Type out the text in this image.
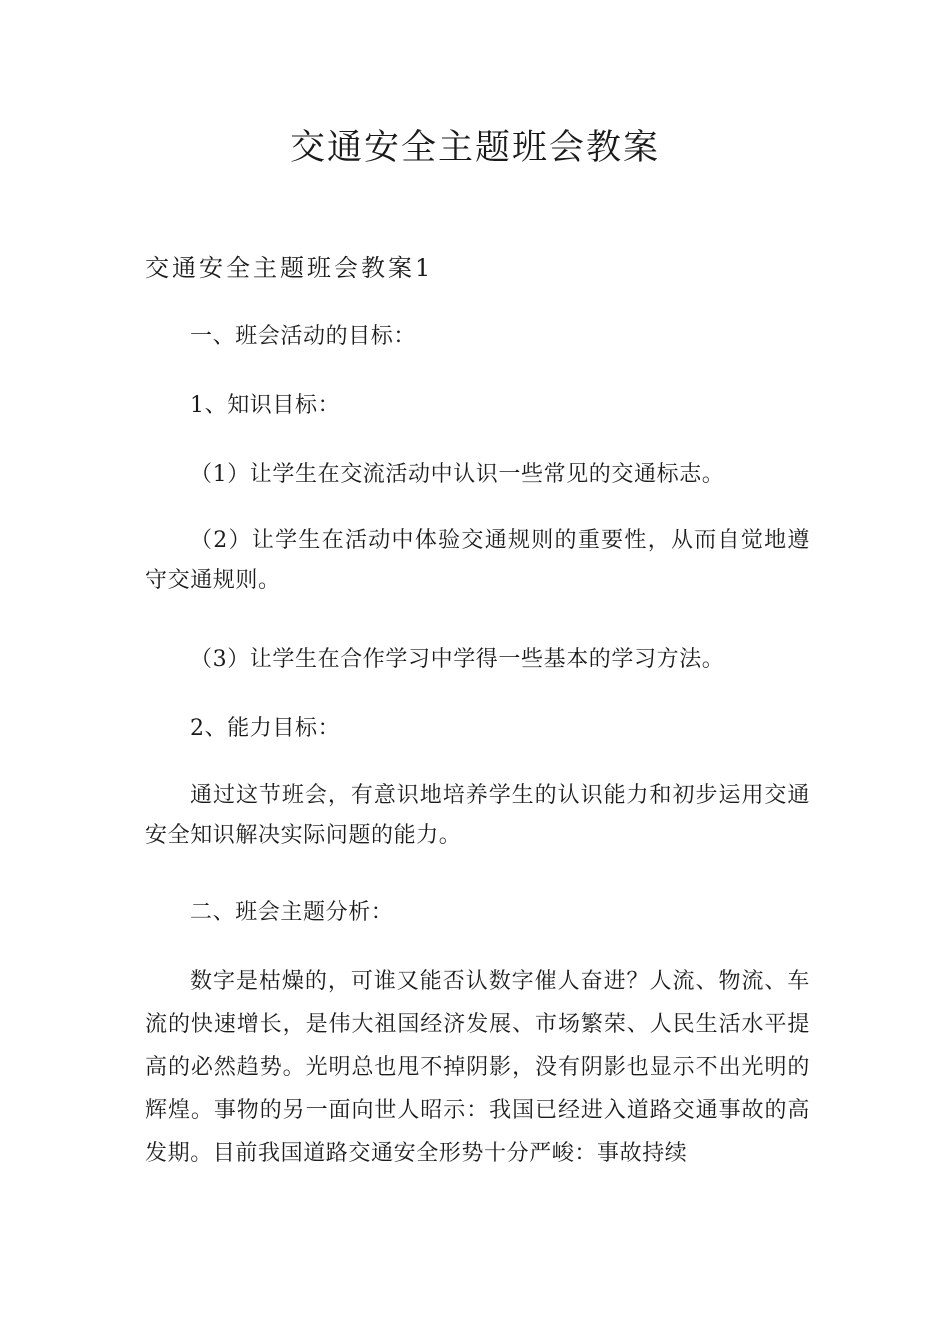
交通安全主题班会教案
交通安全主题班会教案1

一、班会活动的目标：

1、知识目标：

（1）让学生在交流活动中认识一些常见的交通标志。

（2）让学生在活动中体验交通规则的重要性，从而自觉地遵守交通规则。

（3）让学生在合作学习中学得一些基本的学习方法。

2、能力目标：

通过这节班会，有意识地培养学生的认识能力和初步运用交通安全知识解决实际问题的能力。

二、班会主题分析：

数字是枯燥的，可谁又能否认数字催人奋进？人流、物流、车流的快速增长，是伟大祖国经济发展、市场繁荣、人民生活水平提高的必然趋势。光明总也甩不掉阴影，没有阴影也显示不出光明的辉煌。事物的另一面向世人昭示：我国已经进入道路交通事故的高发期。目前我国道路交通安全形势十分严峻：事故持续
